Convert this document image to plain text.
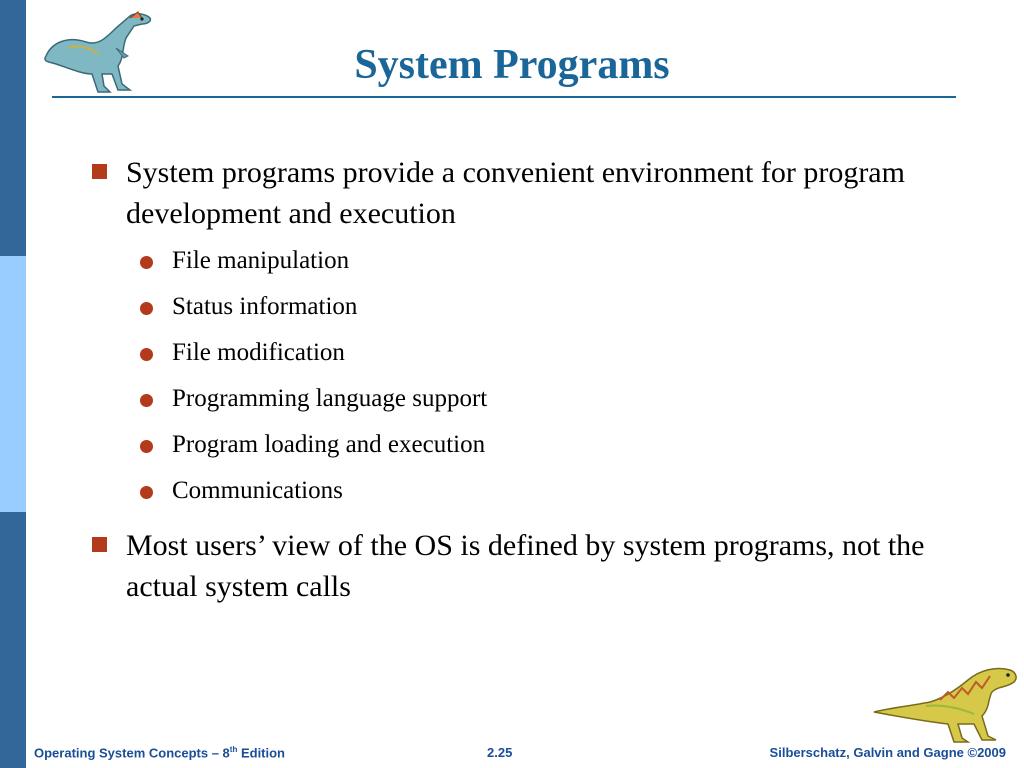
System Programs
System programs provide a convenient environment for program development and execution
File manipulation
Status information
File modification
Programming language support
Program loading and execution
Communications
Most users’ view of the OS is defined by system programs, not the actual system calls
Operating System Concepts – 8th Edition	2.25	Silberschatz, Galvin and Gagne ©2009
